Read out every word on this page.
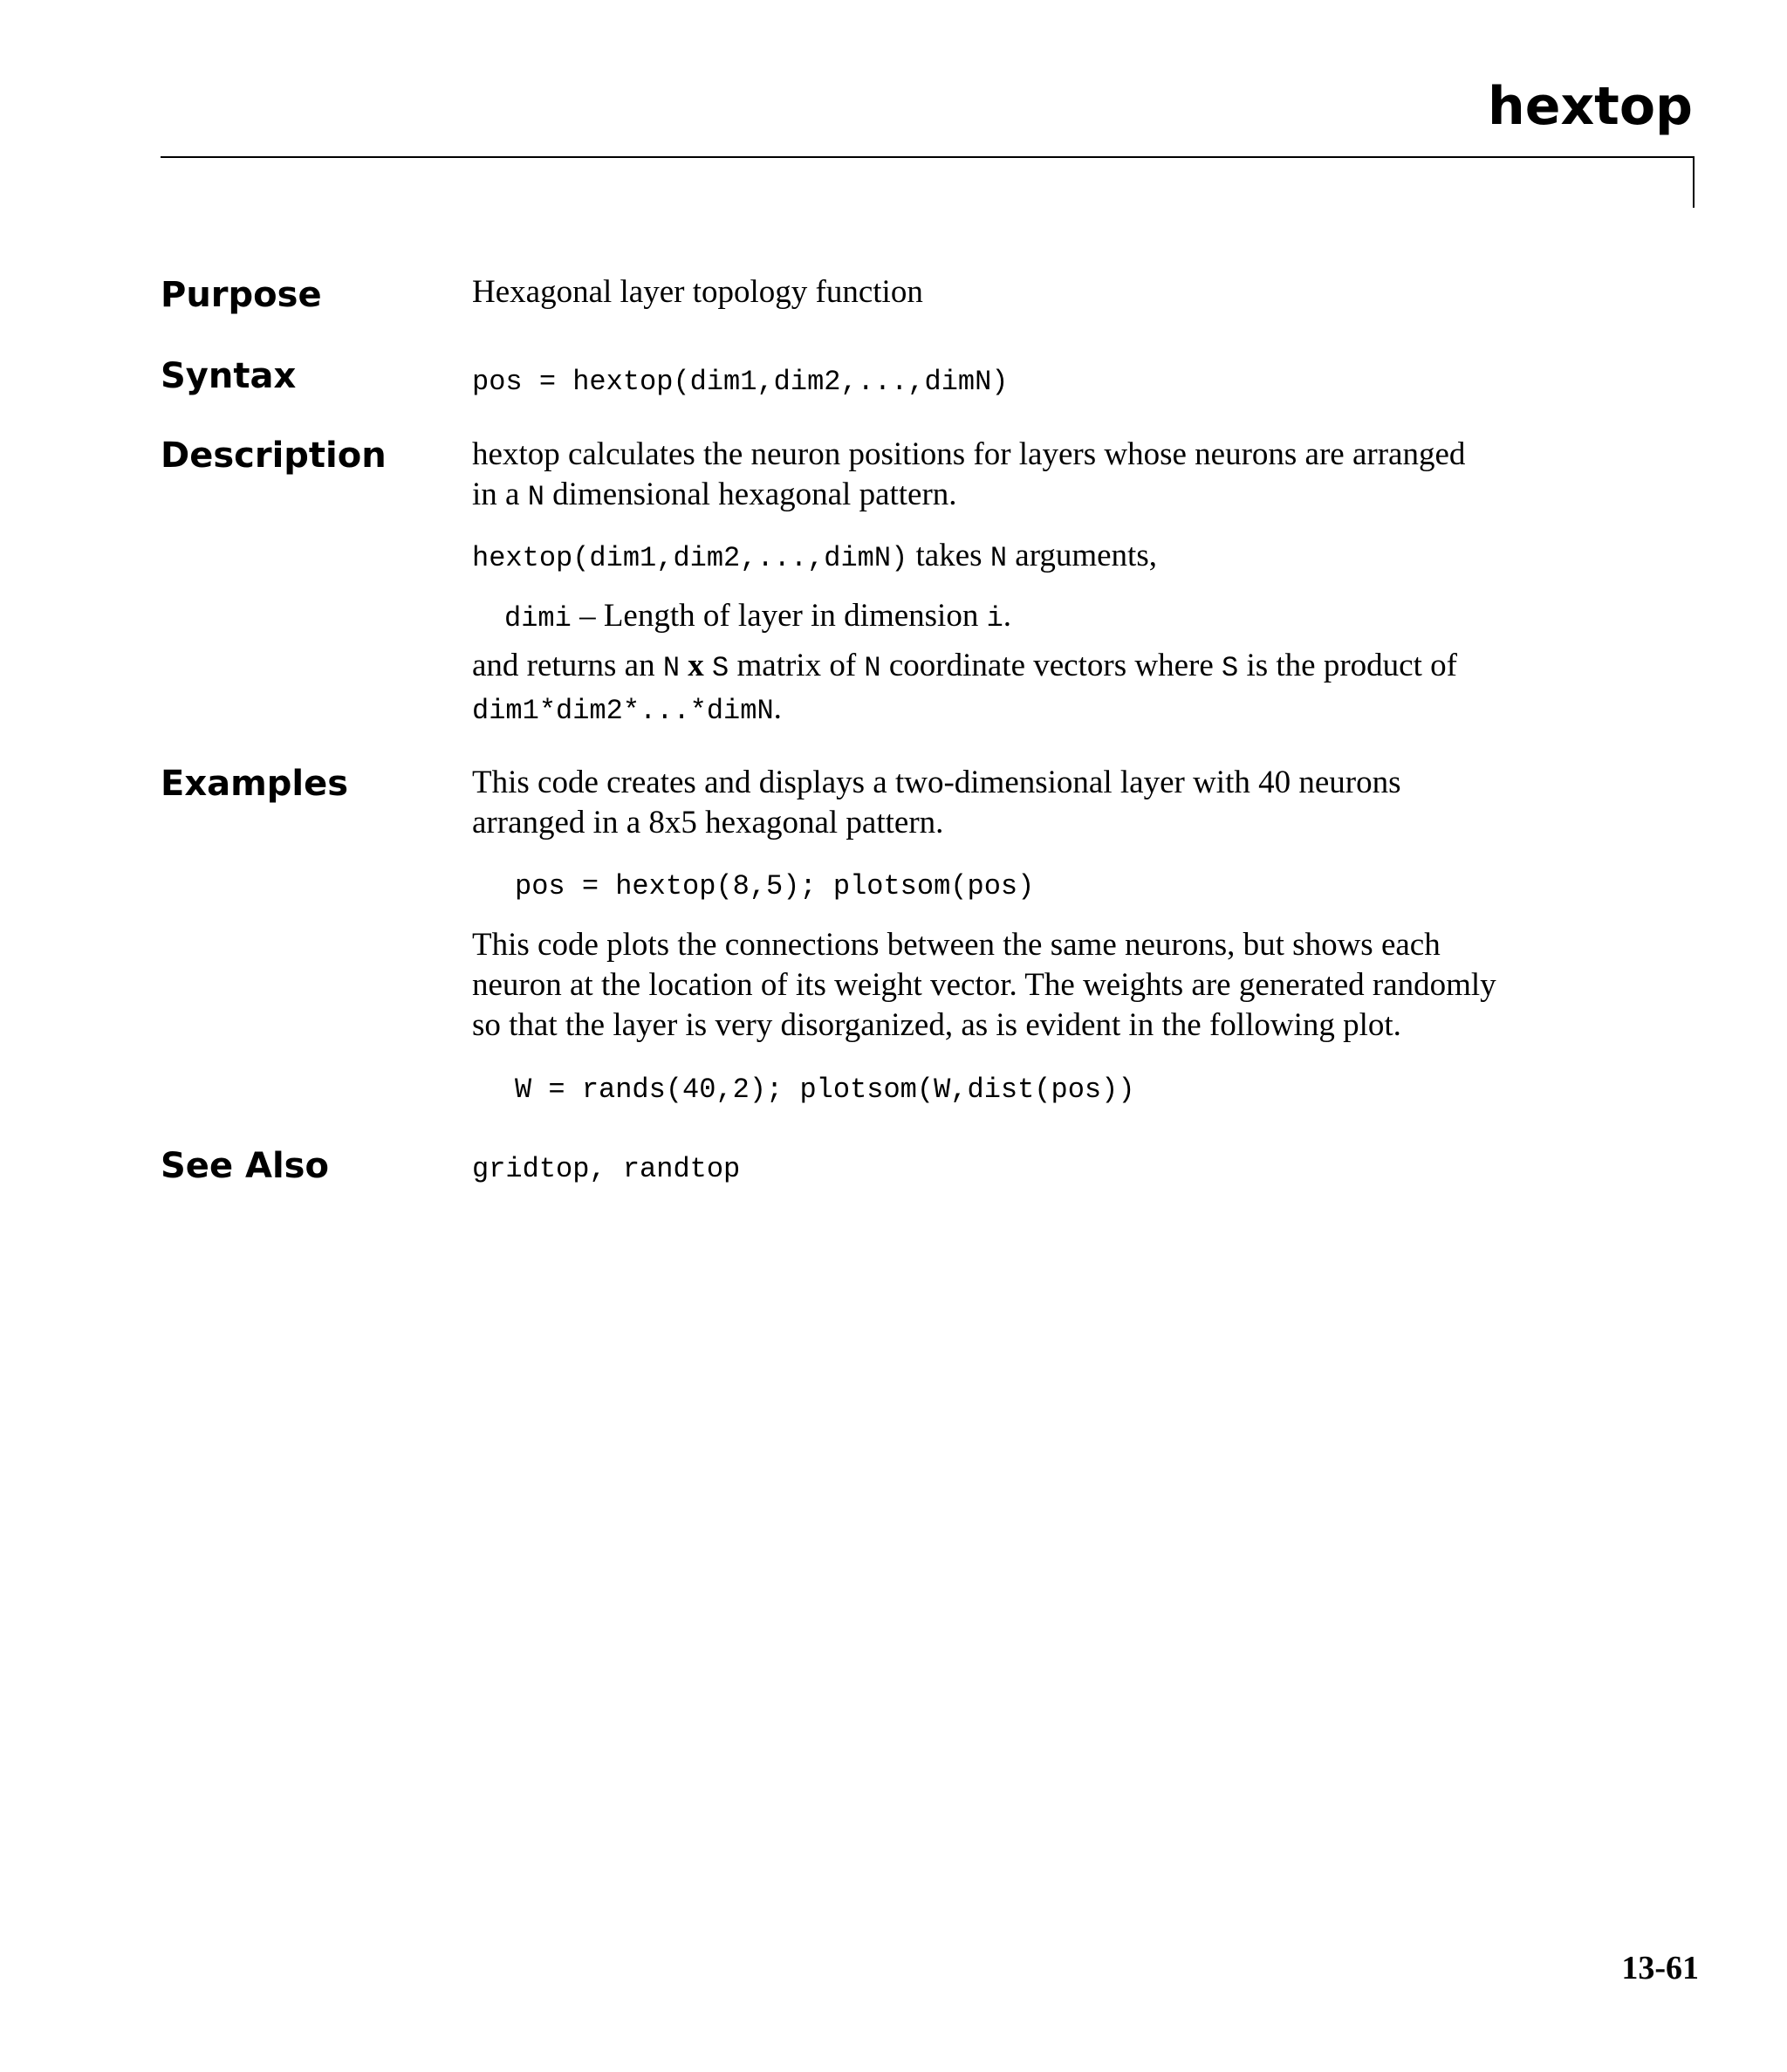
hextop
Purpose	Hexagonal layer topology function
Syntax	pos = hextop(dim1,dim2,...,dimN)
Description	hextop calculates the neuron positions for layers whose neurons are arranged
in a N dimensional hexagonal pattern.
hextop(dim1,dim2,...,dimN) takes N arguments,
dimi – Length of layer in dimension i.
and returns an N x S matrix of N coordinate vectors where S is the product of
dim1*dim2*...*dimN.
Examples	This code creates and displays a two-dimensional layer with 40 neurons
arranged in a 8x5 hexagonal pattern.
pos = hextop(8,5); plotsom(pos)
This code plots the connections between the same neurons, but shows each
neuron at the location of its weight vector. The weights are generated randomly
so that the layer is very disorganized, as is evident in the following plot.
W = rands(40,2); plotsom(W,dist(pos))
See Also	gridtop, randtop
13-61
